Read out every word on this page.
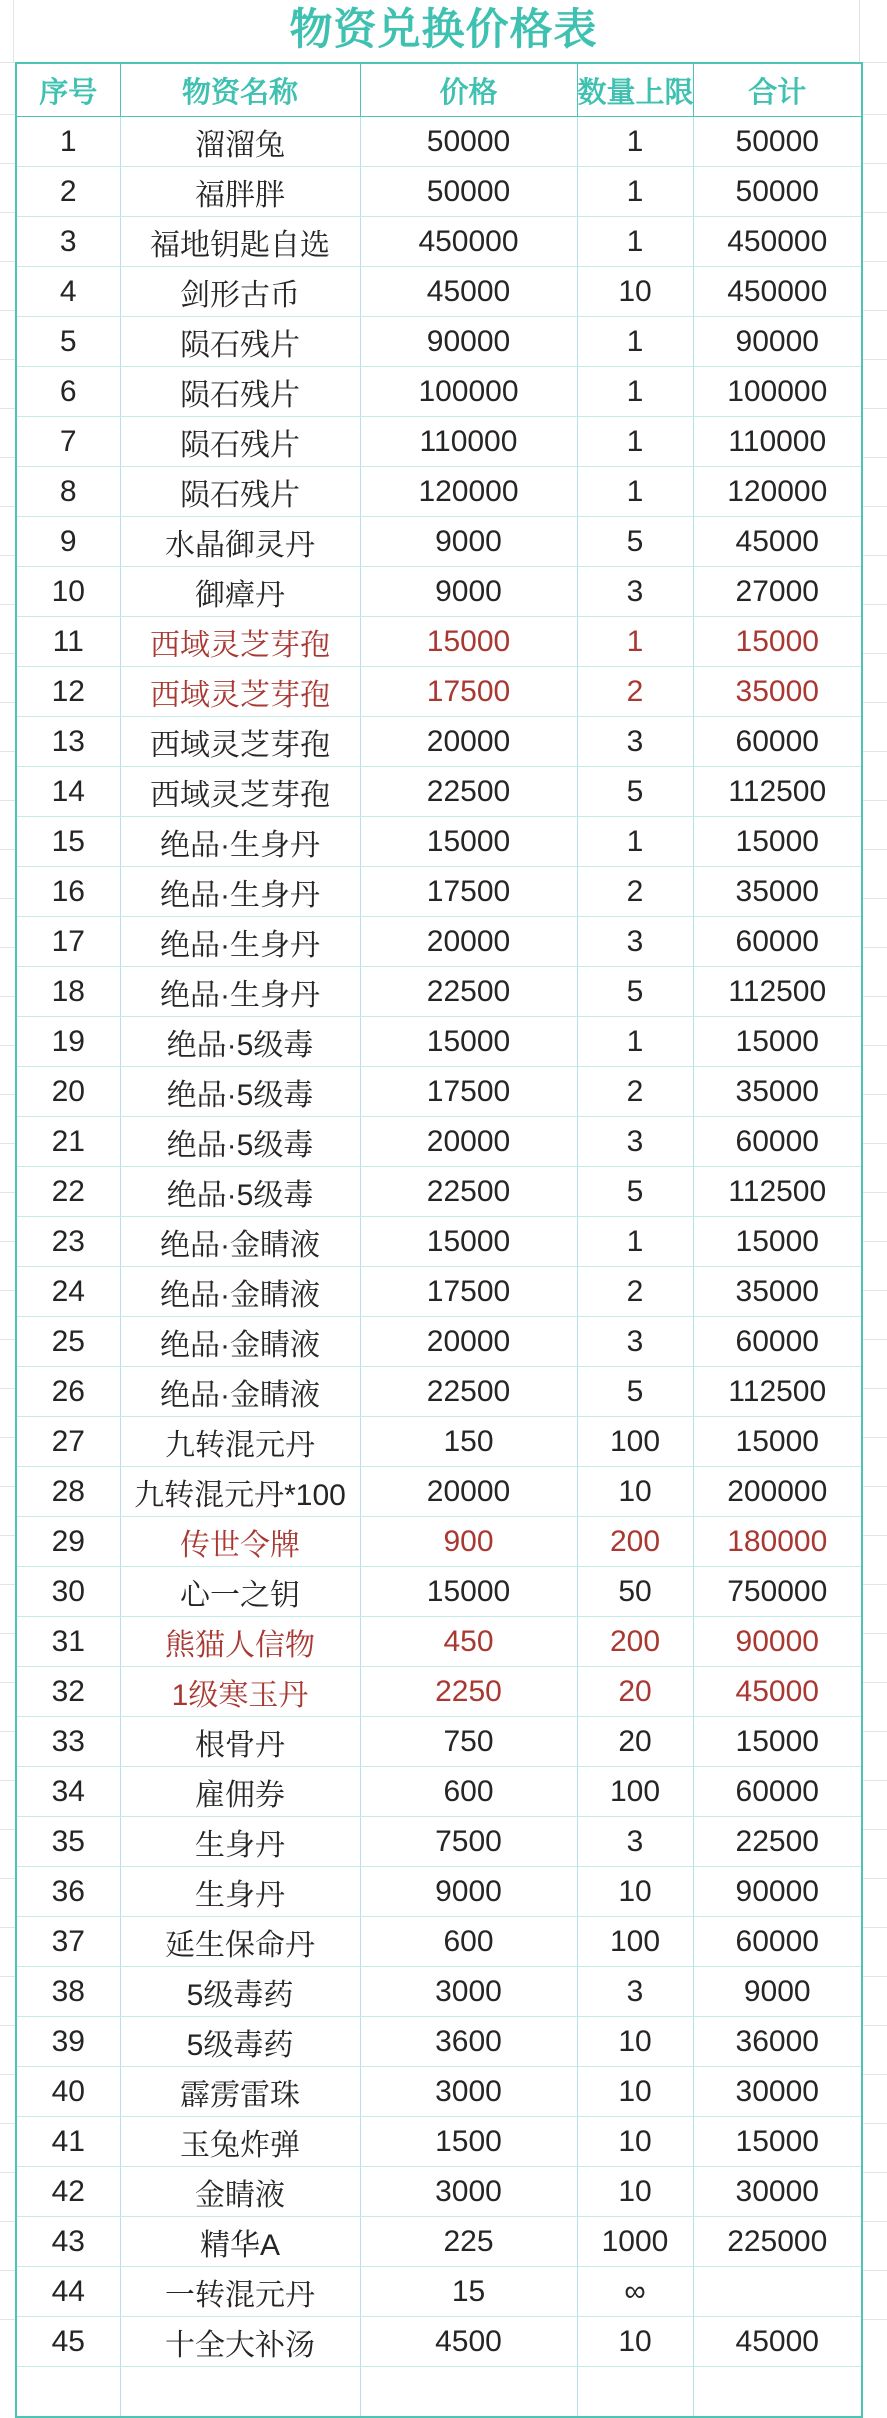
物资兑换价格表
序号	物资名称	价格	数量上限	合计
1	溜溜兔	50000	1	50000
2	福胖胖	50000	1	50000
3	福地钥匙自选	450000	1	450000
4	剑形古币	45000	10	450000
5	陨石残片	90000	1	90000
6	陨石残片	100000	1	100000
7	陨石残片	110000	1	110000
8	陨石残片	120000	1	120000
9	水晶御灵丹	9000	5	45000
10	御瘴丹	9000	3	27000
11	西域灵芝芽孢	15000	1	15000
12	西域灵芝芽孢	17500	2	35000
13	西域灵芝芽孢	20000	3	60000
14	西域灵芝芽孢	22500	5	112500
15	绝品·生身丹	15000	1	15000
16	绝品·生身丹	17500	2	35000
17	绝品·生身丹	20000	3	60000
18	绝品·生身丹	22500	5	112500
19	绝品·5级毒	15000	1	15000
20	绝品·5级毒	17500	2	35000
21	绝品·5级毒	20000	3	60000
22	绝品·5级毒	22500	5	112500
23	绝品·金睛液	15000	1	15000
24	绝品·金睛液	17500	2	35000
25	绝品·金睛液	20000	3	60000
26	绝品·金睛液	22500	5	112500
27	九转混元丹	150	100	15000
28	九转混元丹*100	20000	10	200000
29	传世令牌	900	200	180000
30	心一之钥	15000	50	750000
31	熊猫人信物	450	200	90000
32	1级寒玉丹	2250	20	45000
33	根骨丹	750	20	15000
34	雇佣券	600	100	60000
35	生身丹	7500	3	22500
36	生身丹	9000	10	90000
37	延生保命丹	600	100	60000
38	5级毒药	3000	3	9000
39	5级毒药	3600	10	36000
40	霹雳雷珠	3000	10	30000
41	玉兔炸弹	1500	10	15000
42	金睛液	3000	10	30000
43	精华A	225	1000	225000
44	一转混元丹	15	∞	
45	十全大补汤	4500	10	45000
